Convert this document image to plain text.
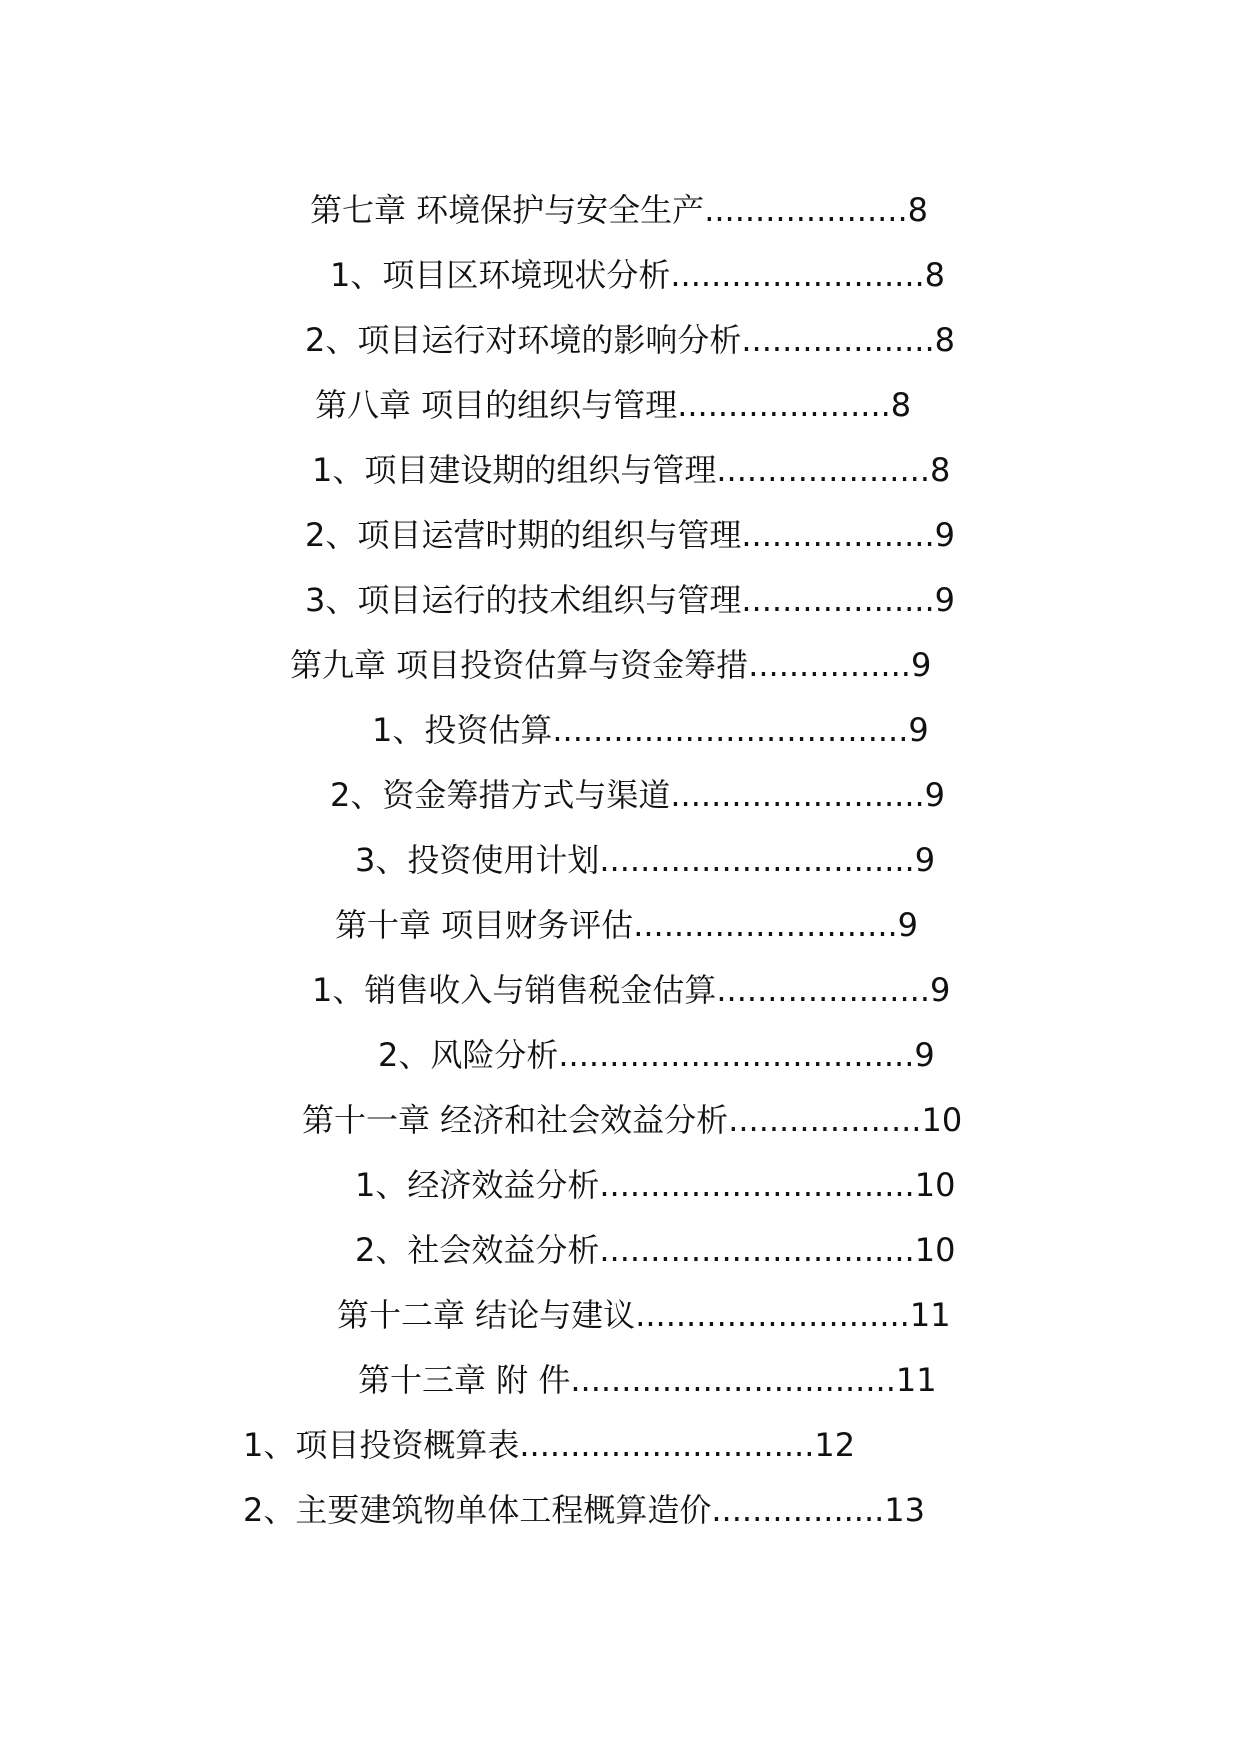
第七章 环境保护与安全生产....................8
1、项目区环境现状分析.........................8
2、项目运行对环境的影响分析...................8
第八章 项目的组织与管理.....................8
1、项目建设期的组织与管理.....................8
2、项目运营时期的组织与管理...................9
3、项目运行的技术组织与管理...................9
第九章 项目投资估算与资金筹措................9
1、投资估算...................................9
2、资金筹措方式与渠道.........................9
3、投资使用计划...............................9
第十章 项目财务评估..........................9
1、销售收入与销售税金估算.....................9
2、风险分析...................................9
第十一章 经济和社会效益分析...................10
1、经济效益分析...............................10
2、社会效益分析...............................10
第十二章 结论与建议...........................11
第十三章 附 件................................11
1、项目投资概算表.............................12
2、主要建筑物单体工程概算造价.................13
